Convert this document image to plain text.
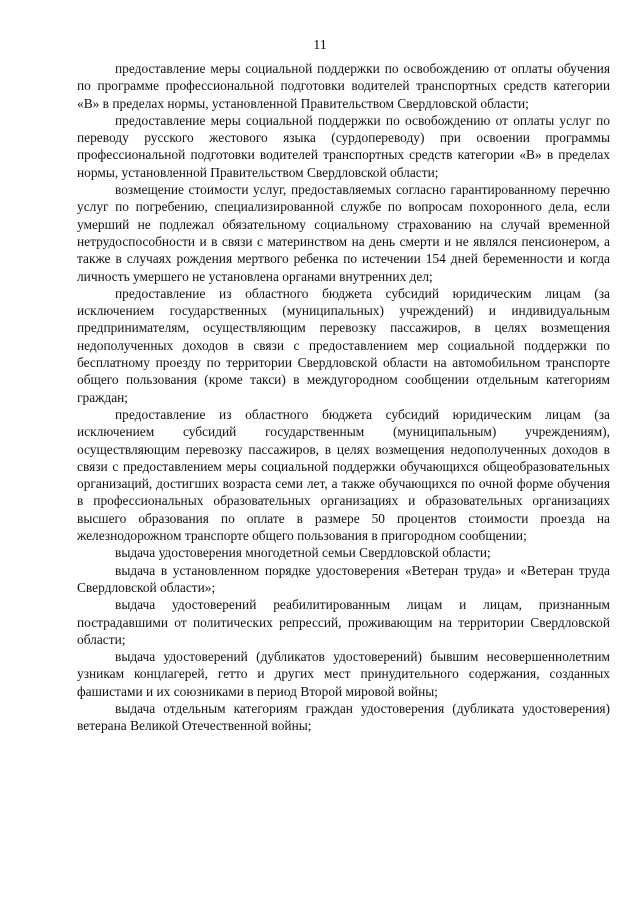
11

предоставление меры социальной поддержки по освобождению от оплаты обучения по программе профессиональной подготовки водителей транспортных средств категории «В» в пределах нормы, установленной Правительством Свердловской области;

предоставление меры социальной поддержки по освобождению от оплаты услуг по переводу русского жестового языка (сурдопереводу) при освоении программы профессиональной подготовки водителей транспортных средств категории «В» в пределах нормы, установленной Правительством Свердловской области;

возмещение стоимости услуг, предоставляемых согласно гарантированному перечню услуг по погребению, специализированной службе по вопросам похоронного дела, если умерший не подлежал обязательному социальному страхованию на случай временной нетрудоспособности и в связи с материнством на день смерти и не являлся пенсионером, а также в случаях рождения мертвого ребенка по истечении 154 дней беременности и когда личность умершего не установлена органами внутренних дел;

предоставление из областного бюджета субсидий юридическим лицам (за исключением государственных (муниципальных) учреждений) и индивидуальным предпринимателям, осуществляющим перевозку пассажиров, в целях возмещения недополученных доходов в связи с предоставлением мер социальной поддержки по бесплатному проезду по территории Свердловской области на автомобильном транспорте общего пользования (кроме такси) в междугородном сообщении отдельным категориям граждан;

предоставление из областного бюджета субсидий юридическим лицам (за исключением субсидий государственным (муниципальным) учреждениям), осуществляющим перевозку пассажиров, в целях возмещения недополученных доходов в связи с предоставлением меры социальной поддержки обучающихся общеобразовательных организаций, достигших возраста семи лет, а также обучающихся по очной форме обучения в профессиональных образовательных организациях и образовательных организациях высшего образования по оплате в размере 50 процентов стоимости проезда на железнодорожном транспорте общего пользования в пригородном сообщении;

выдача удостоверения многодетной семьи Свердловской области;

выдача в установленном порядке удостоверения «Ветеран труда» и «Ветеран труда Свердловской области»;

выдача удостоверений реабилитированным лицам и лицам, признанным пострадавшими от политических репрессий, проживающим на территории Свердловской области;

выдача удостоверений (дубликатов удостоверений) бывшим несовершеннолетним узникам концлагерей, гетто и других мест принудительного содержания, созданных фашистами и их союзниками в период Второй мировой войны;

выдача отдельным категориям граждан удостоверения (дубликата удостоверения) ветерана Великой Отечественной войны;
